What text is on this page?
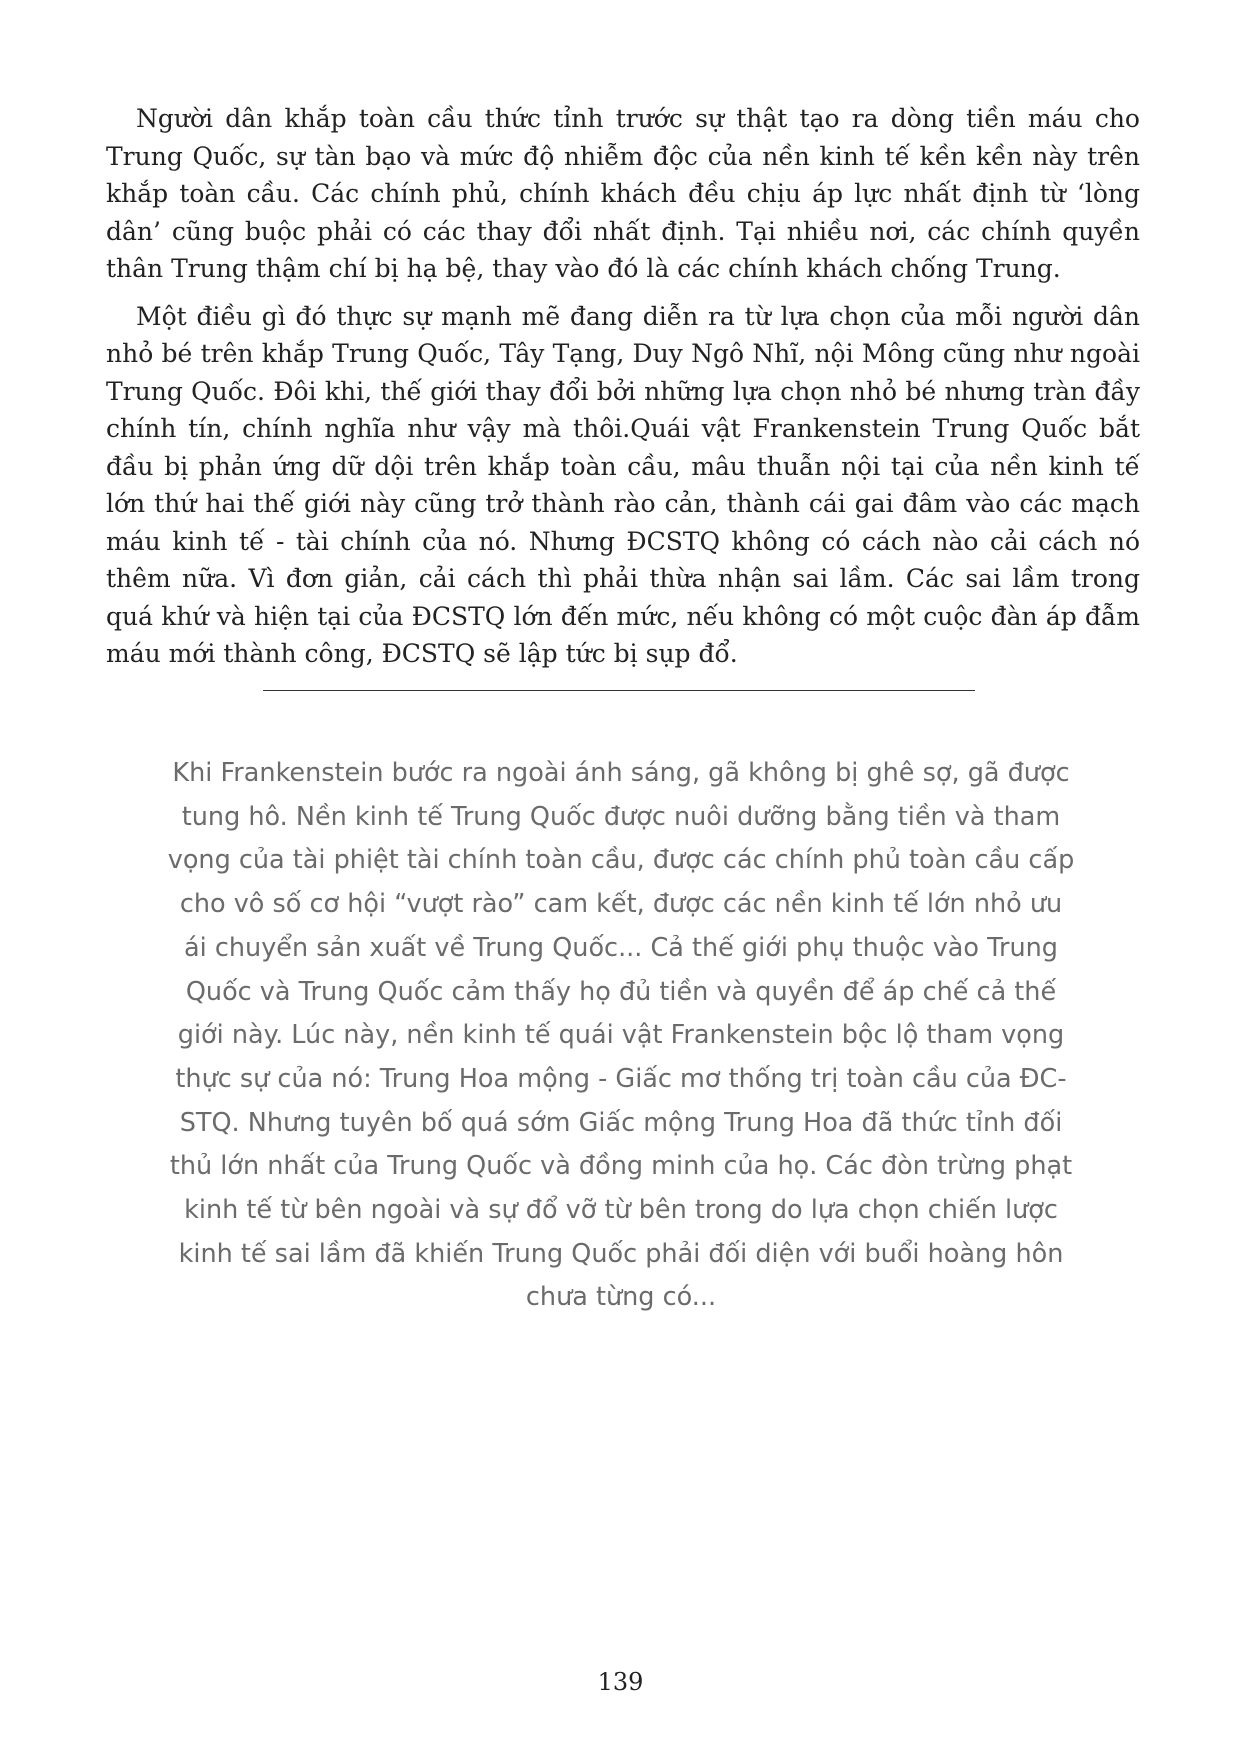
Người dân khắp toàn cầu thức tỉnh trước sự thật tạo ra dòng tiền máu cho Trung Quốc, sự tàn bạo và mức độ nhiễm độc của nền kinh tế kền kền này trên khắp toàn cầu. Các chính phủ, chính khách đều chịu áp lực nhất định từ ‘lòng dân’ cũng buộc phải có các thay đổi nhất định. Tại nhiều nơi, các chính quyền thân Trung thậm chí bị hạ bệ, thay vào đó là các chính khách chống Trung.

Một điều gì đó thực sự mạnh mẽ đang diễn ra từ lựa chọn của mỗi người dân nhỏ bé trên khắp Trung Quốc, Tây Tạng, Duy Ngô Nhĩ, nội Mông cũng như ngoài Trung Quốc. Đôi khi, thế giới thay đổi bởi những lựa chọn nhỏ bé nhưng tràn đầy chính tín, chính nghĩa như vậy mà thôi.Quái vật Frankenstein Trung Quốc bắt đầu bị phản ứng dữ dội trên khắp toàn cầu, mâu thuẫn nội tại của nền kinh tế lớn thứ hai thế giới này cũng trở thành rào cản, thành cái gai đâm vào các mạch máu kinh tế - tài chính của nó. Nhưng ĐCSTQ không có cách nào cải cách nó thêm nữa. Vì đơn giản, cải cách thì phải thừa nhận sai lầm. Các sai lầm trong quá khứ và hiện tại của ĐCSTQ lớn đến mức, nếu không có một cuộc đàn áp đẫm máu mới thành công, ĐCSTQ sẽ lập tức bị sụp đổ.

Khi Frankenstein bước ra ngoài ánh sáng, gã không bị ghê sợ, gã được tung hô. Nền kinh tế Trung Quốc được nuôi dưỡng bằng tiền và tham vọng của tài phiệt tài chính toàn cầu, được các chính phủ toàn cầu cấp cho vô số cơ hội “vượt rào” cam kết, được các nền kinh tế lớn nhỏ ưu ái chuyển sản xuất về Trung Quốc... Cả thế giới phụ thuộc vào Trung Quốc và Trung Quốc cảm thấy họ đủ tiền và quyền để áp chế cả thế giới này. Lúc này, nền kinh tế quái vật Frankenstein bộc lộ tham vọng thực sự của nó: Trung Hoa mộng - Giấc mơ thống trị toàn cầu của ĐC-STQ. Nhưng tuyên bố quá sớm Giấc mộng Trung Hoa đã thức tỉnh đối thủ lớn nhất của Trung Quốc và đồng minh của họ. Các đòn trừng phạt kinh tế từ bên ngoài và sự đổ vỡ từ bên trong do lựa chọn chiến lược kinh tế sai lầm đã khiến Trung Quốc phải đối diện với buổi hoàng hôn chưa từng có...
139
